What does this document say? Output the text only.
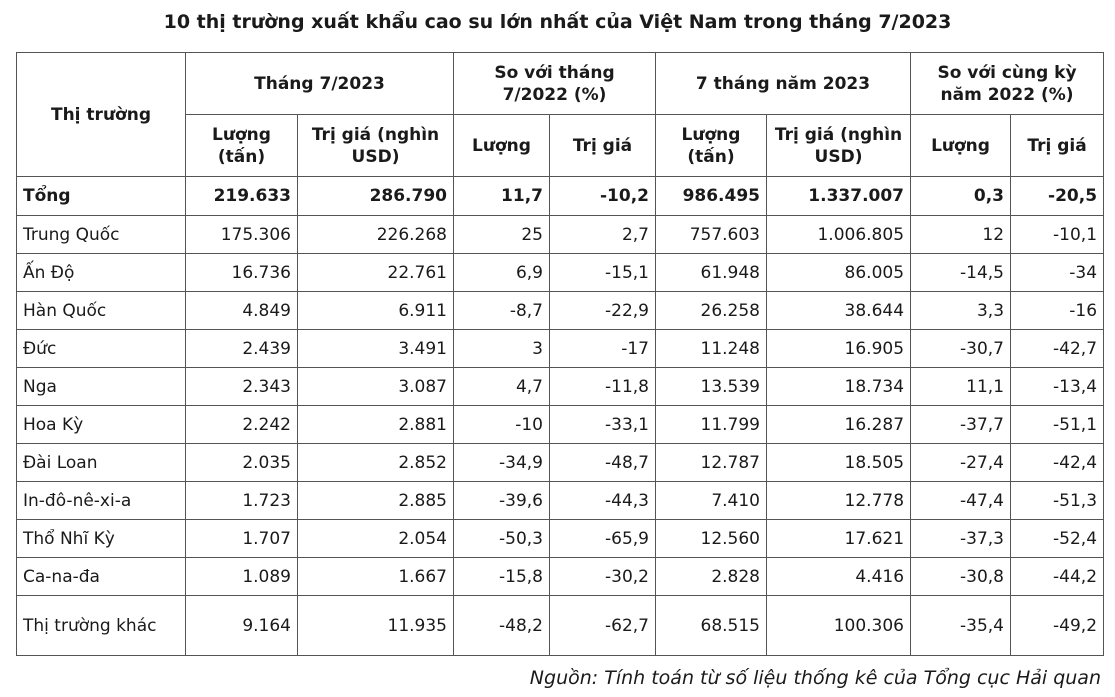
10 thị trường xuất khẩu cao su lớn nhất của Việt Nam trong tháng 7/2023
Thị trường	Tháng 7/2023		So với tháng 7/2022 (%)		7 tháng năm 2023		So với cùng kỳ năm 2022 (%)	
	Lượng (tấn)	Trị giá (nghìn USD)	Lượng	Trị giá	Lượng (tấn)	Trị giá (nghìn USD)	Lượng	Trị giá
Tổng	219.633	286.790	11,7	-10,2	986.495	1.337.007	0,3	-20,5
Trung Quốc	175.306	226.268	25	2,7	757.603	1.006.805	12	-10,1
Ấn Độ	16.736	22.761	6,9	-15,1	61.948	86.005	-14,5	-34
Hàn Quốc	4.849	6.911	-8,7	-22,9	26.258	38.644	3,3	-16
Đức	2.439	3.491	3	-17	11.248	16.905	-30,7	-42,7
Nga	2.343	3.087	4,7	-11,8	13.539	18.734	11,1	-13,4
Hoa Kỳ	2.242	2.881	-10	-33,1	11.799	16.287	-37,7	-51,1
Đài Loan	2.035	2.852	-34,9	-48,7	12.787	18.505	-27,4	-42,4
In-đô-nê-xi-a	1.723	2.885	-39,6	-44,3	7.410	12.778	-47,4	-51,3
Thổ Nhĩ Kỳ	1.707	2.054	-50,3	-65,9	12.560	17.621	-37,3	-52,4
Ca-na-đa	1.089	1.667	-15,8	-30,2	2.828	4.416	-30,8	-44,2
Thị trường khác	9.164	11.935	-48,2	-62,7	68.515	100.306	-35,4	-49,2
Nguồn: Tính toán từ số liệu thống kê của Tổng cục Hải quan
